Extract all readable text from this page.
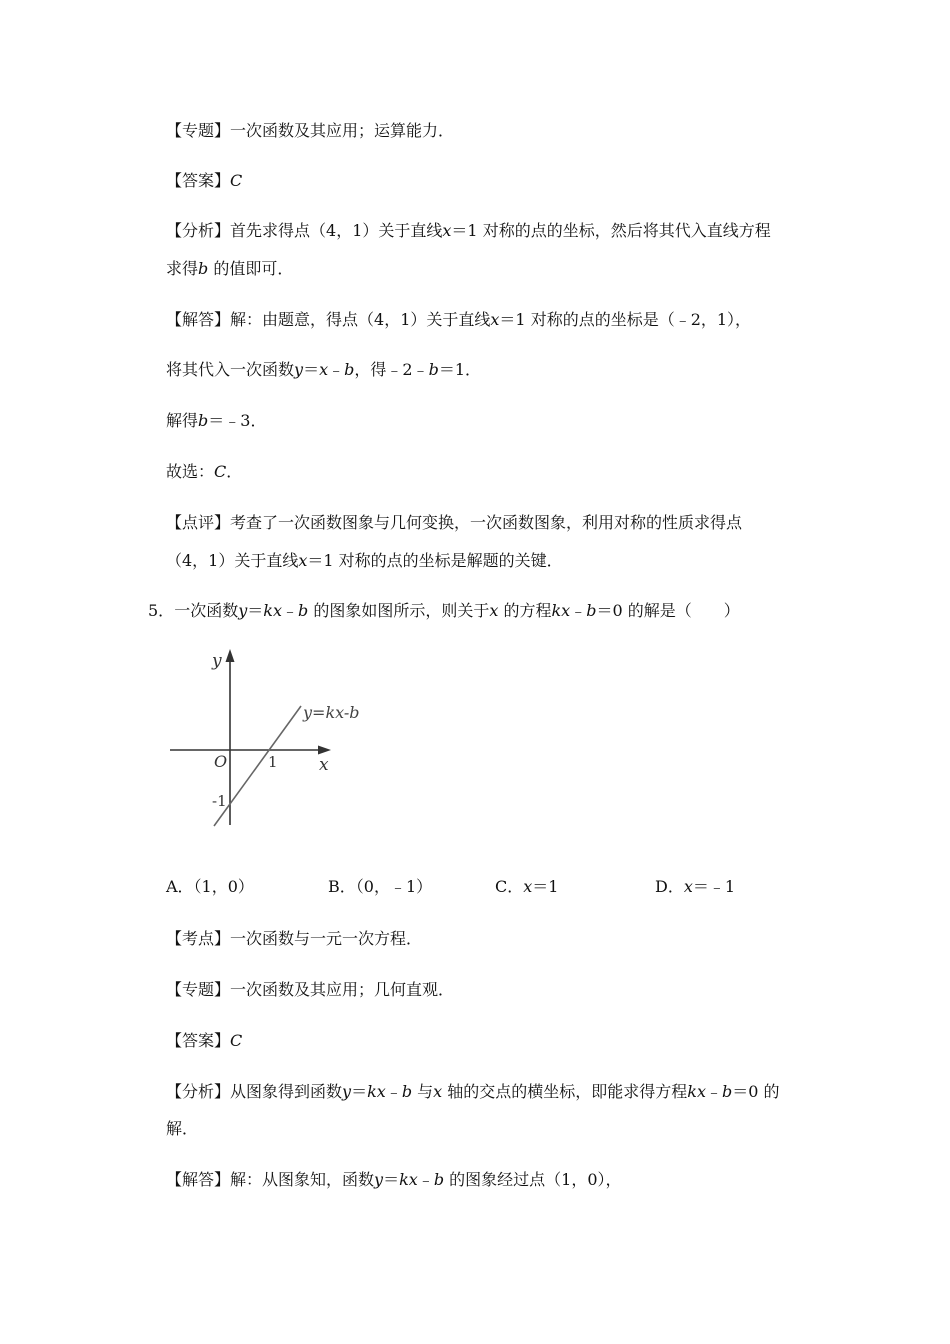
【专题】一次函数及其应用；运算能力．
【答案】C
【分析】首先求得点（4，1）关于直线x＝1 对称的点的坐标，然后将其代入直线方程
求得b 的值即可．
【解答】解：由题意，得点（4，1）关于直线x＝1 对称的点的坐标是（﹣2，1），
将其代入一次函数y＝x﹣b，得﹣2﹣b＝1．
解得b＝﹣3．
故选：C．
【点评】考查了一次函数图象与几何变换，一次函数图象，利用对称的性质求得点
（4，1）关于直线x＝1 对称的点的坐标是解题的关键．
5．一次函数y＝kx﹣b 的图象如图所示，则关于x 的方程kx﹣b＝0 的解是（　　）
y
x
O	1
-1
y=kx-b
A．（1，0）	B．（0，﹣1）	C．x＝1	D．x＝﹣1
【考点】一次函数与一元一次方程．
【专题】一次函数及其应用；几何直观．
【答案】C
【分析】从图象得到函数y＝kx﹣b 与x 轴的交点的横坐标，即能求得方程kx﹣b＝0 的
解．
【解答】解：从图象知，函数y＝kx﹣b 的图象经过点（1，0），
